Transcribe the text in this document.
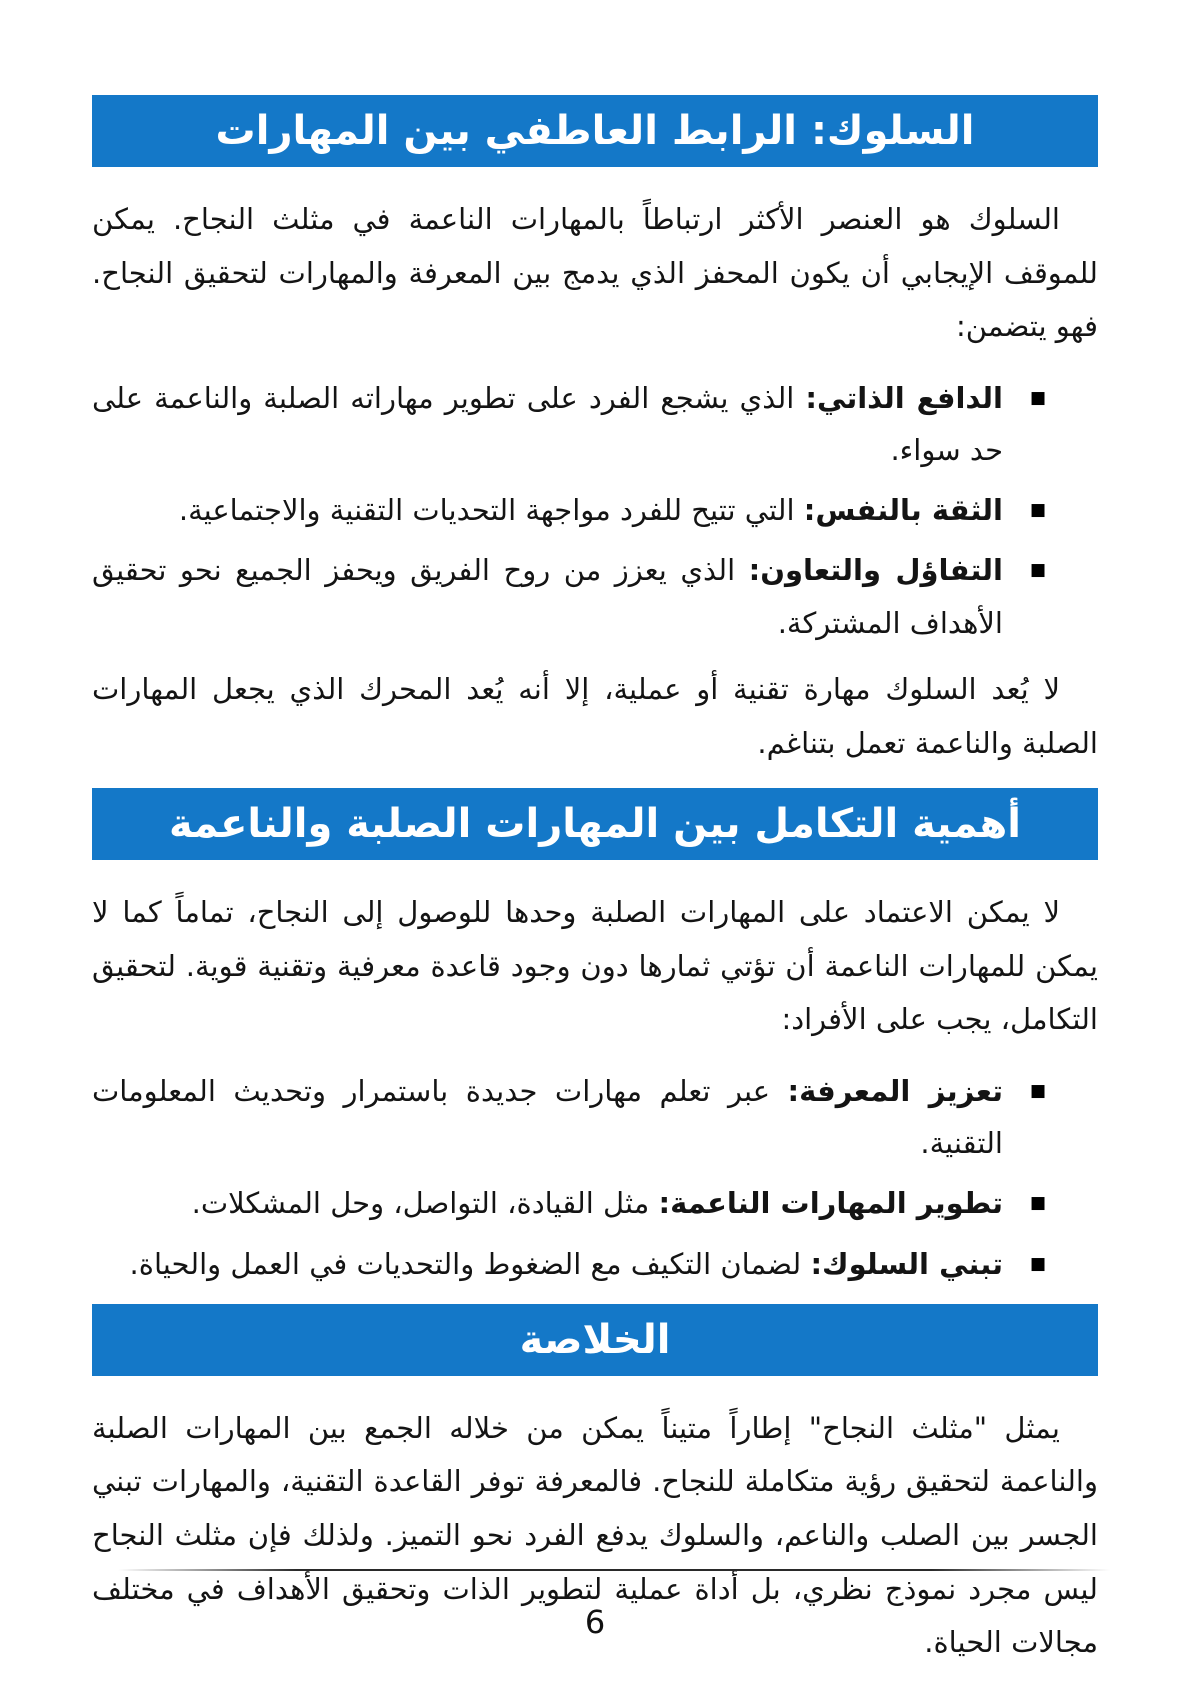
السلوك: الرابط العاطفي بين المهارات

السلوك هو العنصر الأكثر ارتباطاً بالمهارات الناعمة في مثلث النجاح. يمكن للموقف الإيجابي أن يكون المحفز الذي يدمج بين المعرفة والمهارات لتحقيق النجاح. فهو يتضمن:

■
الدافع الذاتي: الذي يشجع الفرد على تطوير مهاراته الصلبة والناعمة على حد سواء.
■
الثقة بالنفس: التي تتيح للفرد مواجهة التحديات التقنية والاجتماعية.
■
التفاؤل والتعاون: الذي يعزز من روح الفريق ويحفز الجميع نحو تحقيق الأهداف المشتركة.

لا يُعد السلوك مهارة تقنية أو عملية، إلا أنه يُعد المحرك الذي يجعل المهارات الصلبة والناعمة تعمل بتناغم.

أهمية التكامل بين المهارات الصلبة والناعمة

لا يمكن الاعتماد على المهارات الصلبة وحدها للوصول إلى النجاح، تماماً كما لا يمكن للمهارات الناعمة أن تؤتي ثمارها دون وجود قاعدة معرفية وتقنية قوية. لتحقيق التكامل، يجب على الأفراد:

■
تعزيز المعرفة: عبر تعلم مهارات جديدة باستمرار وتحديث المعلومات التقنية.
■
تطوير المهارات الناعمة: مثل القيادة، التواصل، وحل المشكلات.
■
تبني السلوك: لضمان التكيف مع الضغوط والتحديات في العمل والحياة.
الخلاصة

يمثل "مثلث النجاح" إطاراً متيناً يمكن من خلاله الجمع بين المهارات الصلبة والناعمة لتحقيق رؤية متكاملة للنجاح. فالمعرفة توفر القاعدة التقنية، والمهارات تبني الجسر بين الصلب والناعم، والسلوك يدفع الفرد نحو التميز. ولذلك فإن مثلث النجاح ليس مجرد نموذج نظري، بل أداة عملية لتطوير الذات وتحقيق الأهداف في مختلف مجالات الحياة.

6
